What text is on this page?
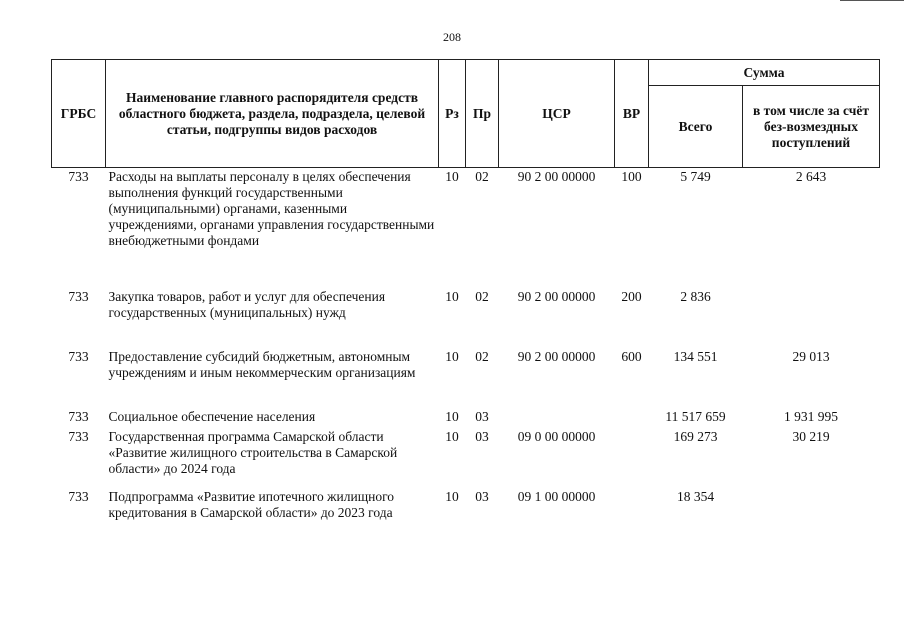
208
ГРБС	Наименование главного распорядителя средств областного бюджета, раздела, подраздела, целевой статьи, подгруппы видов расходов	Рз	Пр	ЦСР	ВР	Сумма	
						Всего	в том числе за счёт без-возмездных поступлений
733	Расходы на выплаты персоналу в целях обеспечения выполнения функций государственными (муниципальными) органами, казенными учреждениями, органами управления государственными внебюджетными фондами	10	02	90 2 00 00000	100	5 749	2 643
733	Закупка товаров, работ и услуг для обеспечения государственных (муниципальных) нужд	10	02	90 2 00 00000	200	2 836	
733	Предоставление субсидий бюджетным, автономным учреждениям и иным некоммерческим организациям	10	02	90 2 00 00000	600	134 551	29 013
733	Социальное обеспечение населения	10	03			11 517 659	1 931 995
733	Государственная программа Самарской области «Развитие жилищного строительства в Самарской области» до 2024 года	10	03	09 0 00 00000		169 273	30 219
733	Подпрограмма «Развитие ипотечного жилищного кредитования в Самарской области» до 2023 года	10	03	09 1 00 00000		18 354	
